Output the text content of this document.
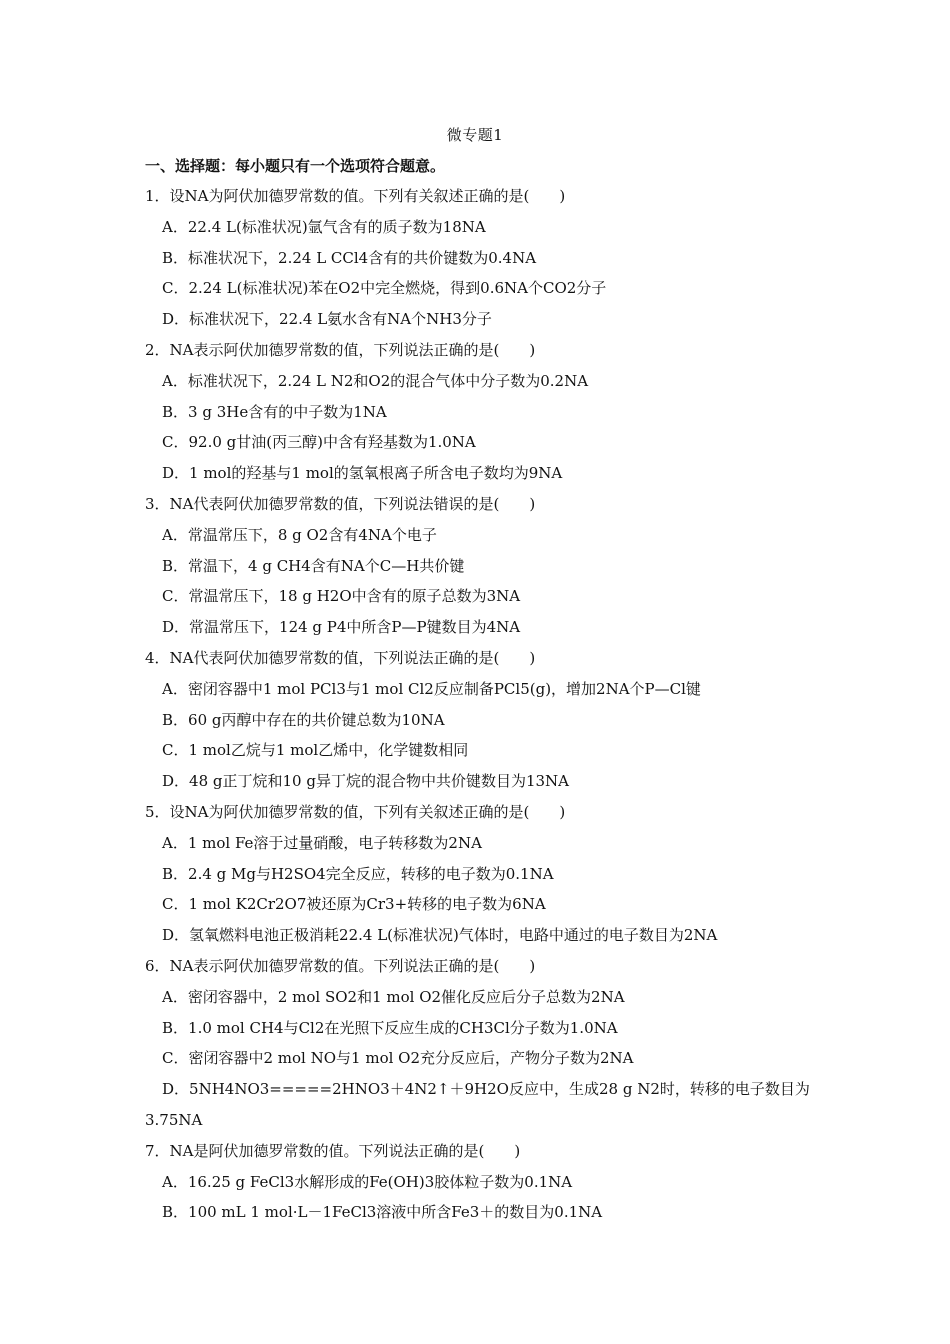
微专题1
一、选择题：每小题只有一个选项符合题意。
1．设NA为阿伏加德罗常数的值。下列有关叙述正确的是(　　)
A．22.4 L(标准状况)氩气含有的质子数为18NA
B．标准状况下，2.24 L CCl4含有的共价键数为0.4NA
C．2.24 L(标准状况)苯在O2中完全燃烧，得到0.6NA个CO2分子
D．标准状况下，22.4 L氨水含有NA个NH3分子
2．NA表示阿伏加德罗常数的值，下列说法正确的是(　　)
A．标准状况下，2.24 L N2和O2的混合气体中分子数为0.2NA
B．3 g 3He含有的中子数为1NA
C．92.0 g甘油(丙三醇)中含有羟基数为1.0NA
D．1 mol的羟基与1 mol的氢氧根离子所含电子数均为9NA
3．NA代表阿伏加德罗常数的值，下列说法错误的是(　　)
A．常温常压下，8 g O2含有4NA个电子
B．常温下，4 g CH4含有NA个C—H共价键
C．常温常压下，18 g H2O中含有的原子总数为3NA
D．常温常压下，124 g P4中所含P—P键数目为4NA
4．NA代表阿伏加德罗常数的值，下列说法正确的是(　　)
A．密闭容器中1 mol PCl3与1 mol Cl2反应制备PCl5(g)，增加2NA个P—Cl键
B．60 g丙醇中存在的共价键总数为10NA
C．1 mol乙烷与1 mol乙烯中，化学键数相同
D．48 g正丁烷和10 g异丁烷的混合物中共价键数目为13NA
5．设NA为阿伏加德罗常数的值，下列有关叙述正确的是(　　)
A．1 mol Fe溶于过量硝酸，电子转移数为2NA
B．2.4 g Mg与H2SO4完全反应，转移的电子数为0.1NA
C．1 mol K2Cr2O7被还原为Cr3+转移的电子数为6NA
D．氢氧燃料电池正极消耗22.4 L(标准状况)气体时，电路中通过的电子数目为2NA
6．NA表示阿伏加德罗常数的值。下列说法正确的是(　　)
A．密闭容器中，2 mol SO2和1 mol O2催化反应后分子总数为2NA
B．1.0 mol CH4与Cl2在光照下反应生成的CH3Cl分子数为1.0NA
C．密闭容器中2 mol NO与1 mol O2充分反应后，产物分子数为2NA
D．5NH4NO3=====2HNO3＋4N2↑＋9H2O反应中，生成28 g N2时，转移的电子数目为
3.75NA
7．NA是阿伏加德罗常数的值。下列说法正确的是(　　)
A．16.25 g FeCl3水解形成的Fe(OH)3胶体粒子数为0.1NA
B．100 mL 1 mol·L－1FeCl3溶液中所含Fe3＋的数目为0.1NA
